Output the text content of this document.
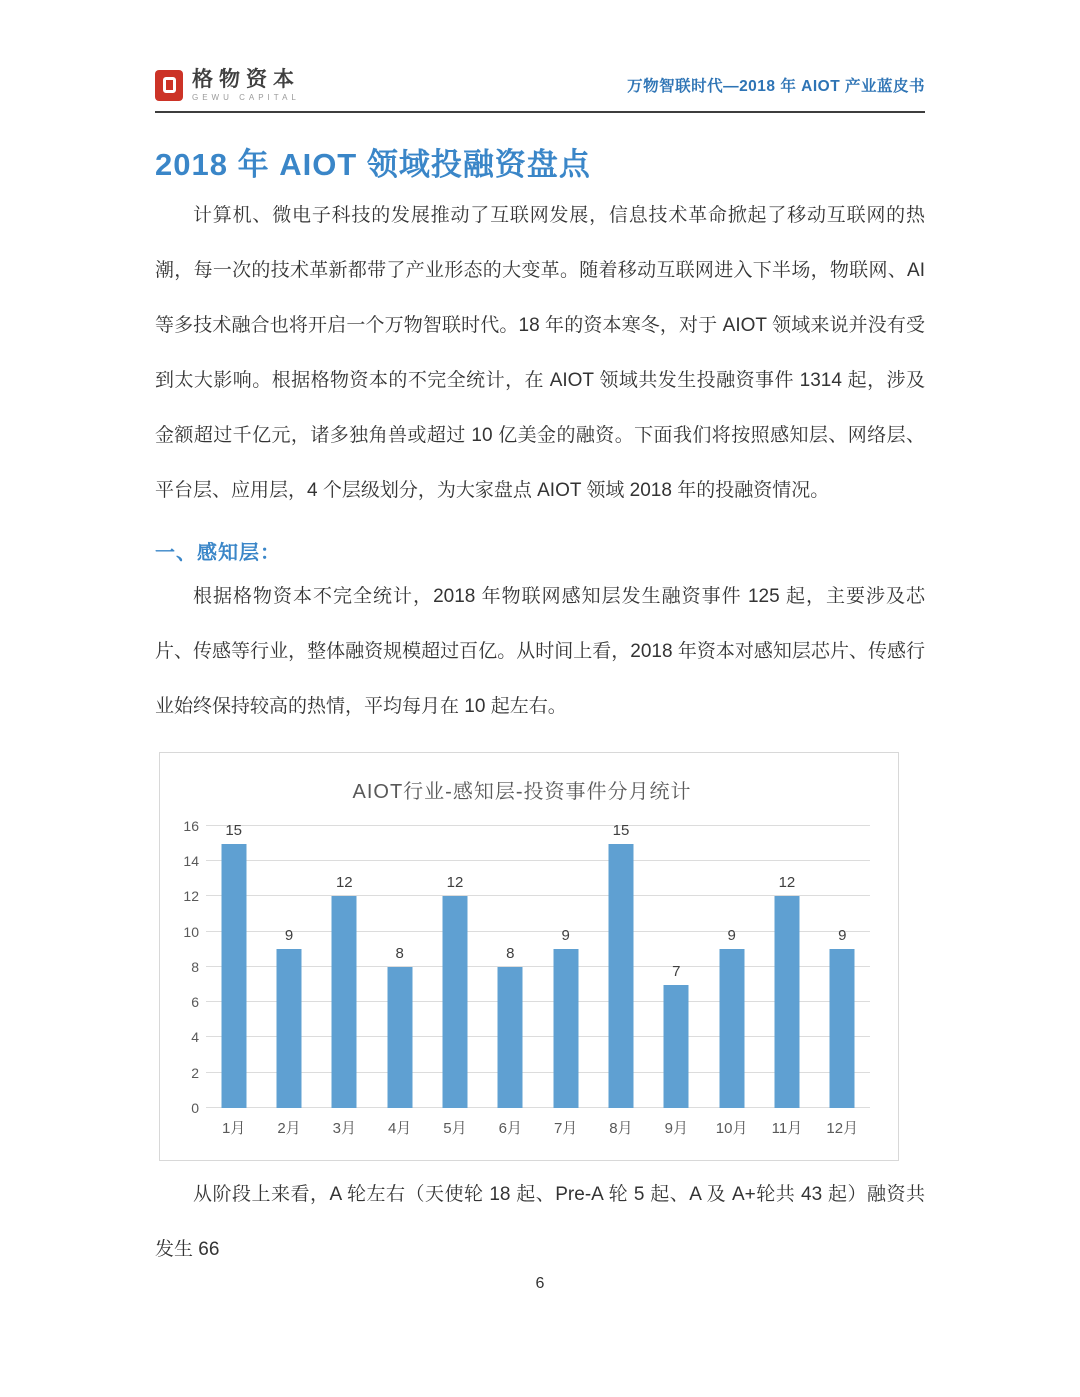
格物资本
GEWU CAPITAL
万物智联时代—2018 年 AIOT 产业蓝皮书
2018 年 AIOT 领域投融资盘点

计算机、微电子科技的发展推动了互联网发展，信息技术革命掀起了移动互联网的热潮，每一次的技术革新都带了产业形态的大变革。随着移动互联网进入下半场，物联网、AI 等多技术融合也将开启一个万物智联时代。18 年的资本寒冬，对于 AIOT 领域来说并没有受到太大影响。根据格物资本的不完全统计，在 AIOT 领域共发生投融资事件 1314 起，涉及金额超过千亿元，诸多独角兽或超过 10 亿美金的融资。下面我们将按照感知层、网络层、平台层、应用层，4 个层级划分，为大家盘点 AIOT 领域 2018 年的投融资情况。

一、感知层：

根据格物资本不完全统计，2018 年物联网感知层发生融资事件 125 起，主要涉及芯片、传感等行业，整体融资规模超过百亿。从时间上看，2018 年资本对感知层芯片、传感行业始终保持较高的热情，平均每月在 10 起左右。

AIOT行业-感知层-投资事件分月统计
0
2
4
6
8
10
12
14
16 15
9
12
8
12
8
9
15
7
9
12
9
1月	2月	3月	4月	5月	6月	7月	8月	9月	10月	11月	12月

从阶段上来看，A 轮左右（天使轮 18 起、Pre-A 轮 5 起、A 及 A+轮共 43 起）融资共发生 66

6
